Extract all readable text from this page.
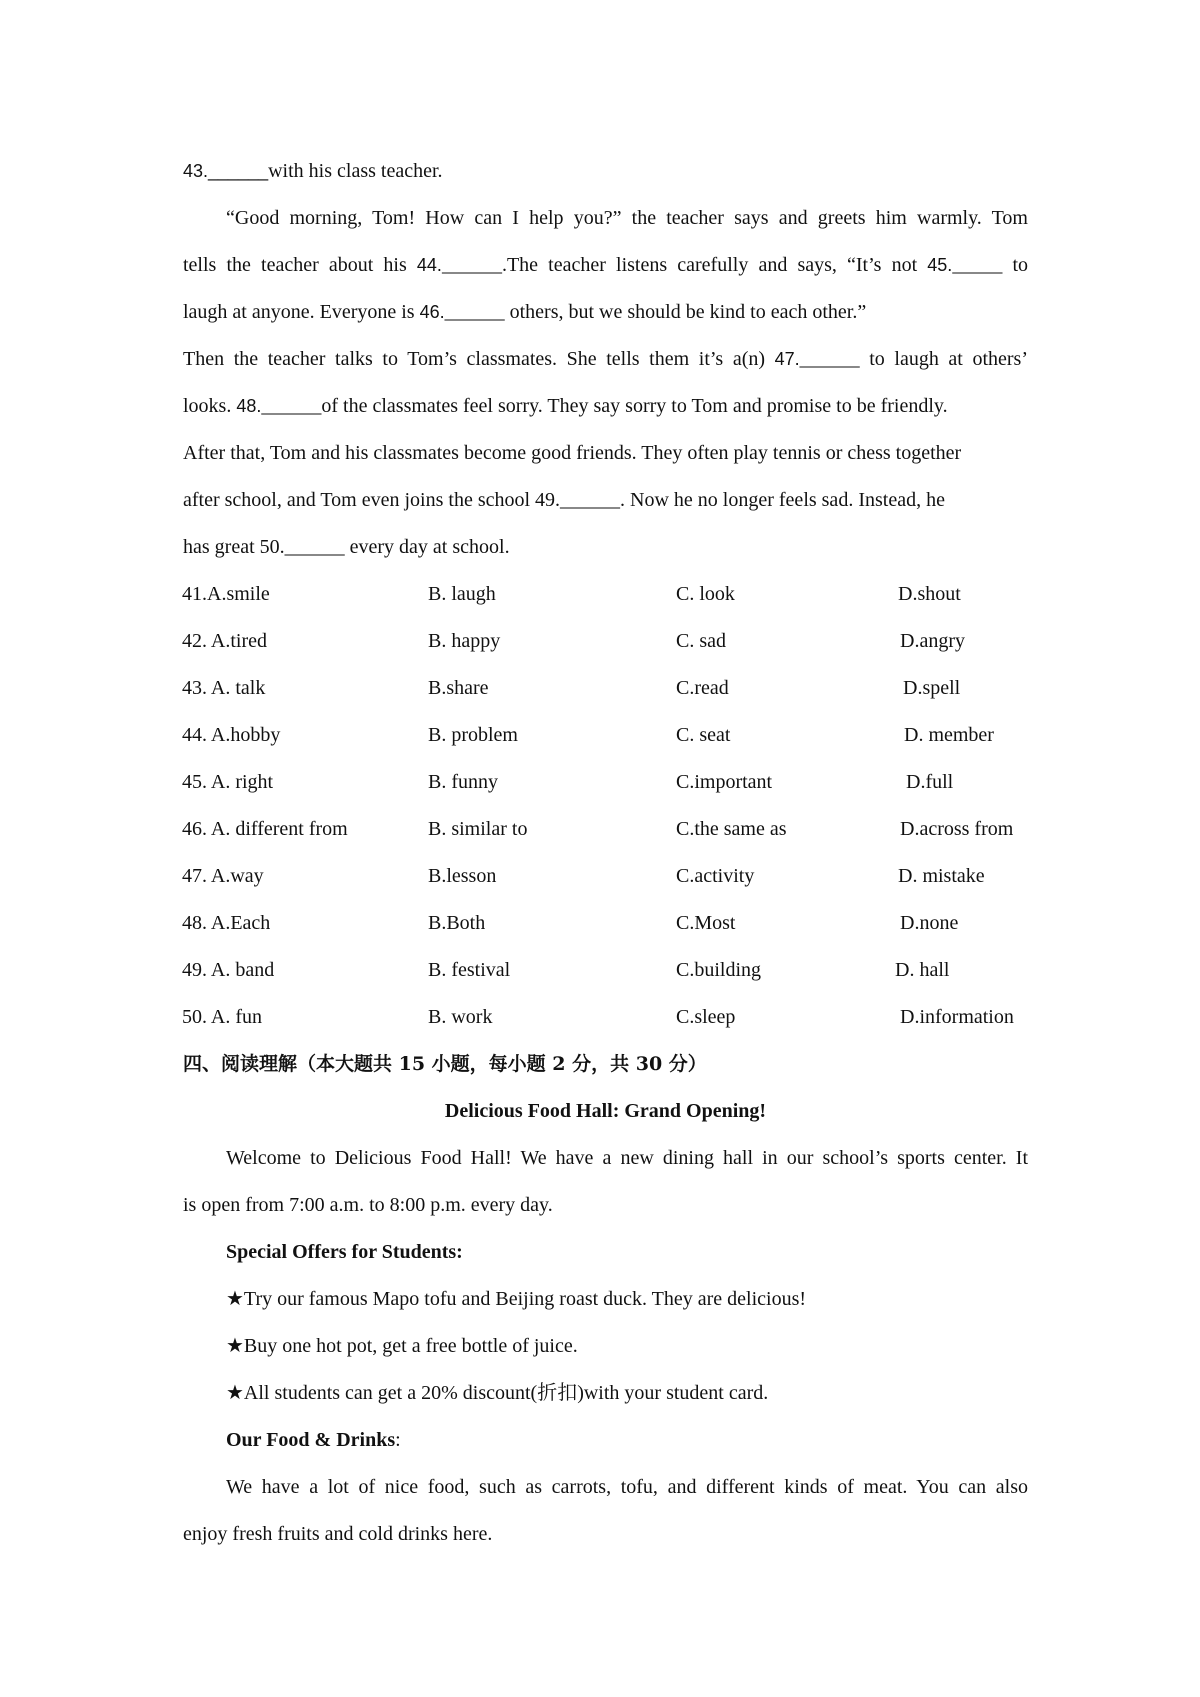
43.______with his class teacher.
“Good morning, Tom! How can I help you?” the teacher says and greets him warmly. Tom
tells the teacher about his 44.______.The teacher listens carefully and says, “It’s not 45._____ to
laugh at anyone. Everyone is 46.______ others, but we should be kind to each other.”
Then the teacher talks to Tom’s classmates. She tells them it’s a(n) 47.______ to laugh at others’
looks. 48.______of the classmates feel sorry. They say sorry to Tom and promise to be friendly.
After that, Tom and his classmates become good friends. They often play tennis or chess together
after school, and Tom even joins the school 49.______. Now he no longer feels sad. Instead, he
has great 50.______ every day at school.
41.A.smile	B. laugh	C. look	D.shout
42. A.tired	B. happy	C. sad	D.angry
43. A. talk	B.share	C.read	D.spell
44. A.hobby	B. problem	C. seat	D. member
45. A. right	B. funny	C.important	D.full
46. A. different from	B. similar to	C.the same as	D.across from
47. A.way	B.lesson	C.activity	D. mistake
48. A.Each	B.Both	C.Most	D.none
49. A. band	B. festival	C.building	D. hall
50. A. fun	B. work	C.sleep	D.information
四、阅读理解（本大题共 15 小题，每小题 2 分，共 30 分）
Delicious Food Hall: Grand Opening!
Welcome to Delicious Food Hall! We have a new dining hall in our school’s sports center. It
is open from 7:00 a.m. to 8:00 p.m. every day.
Special Offers for Students:
★Try our famous Mapo tofu and Beijing roast duck. They are delicious!
★Buy one hot pot, get a free bottle of juice.
★All students can get a 20% discount(折扣)with your student card.
Our Food & Drinks:
We have a lot of nice food, such as carrots, tofu, and different kinds of meat. You can also
enjoy fresh fruits and cold drinks here.
